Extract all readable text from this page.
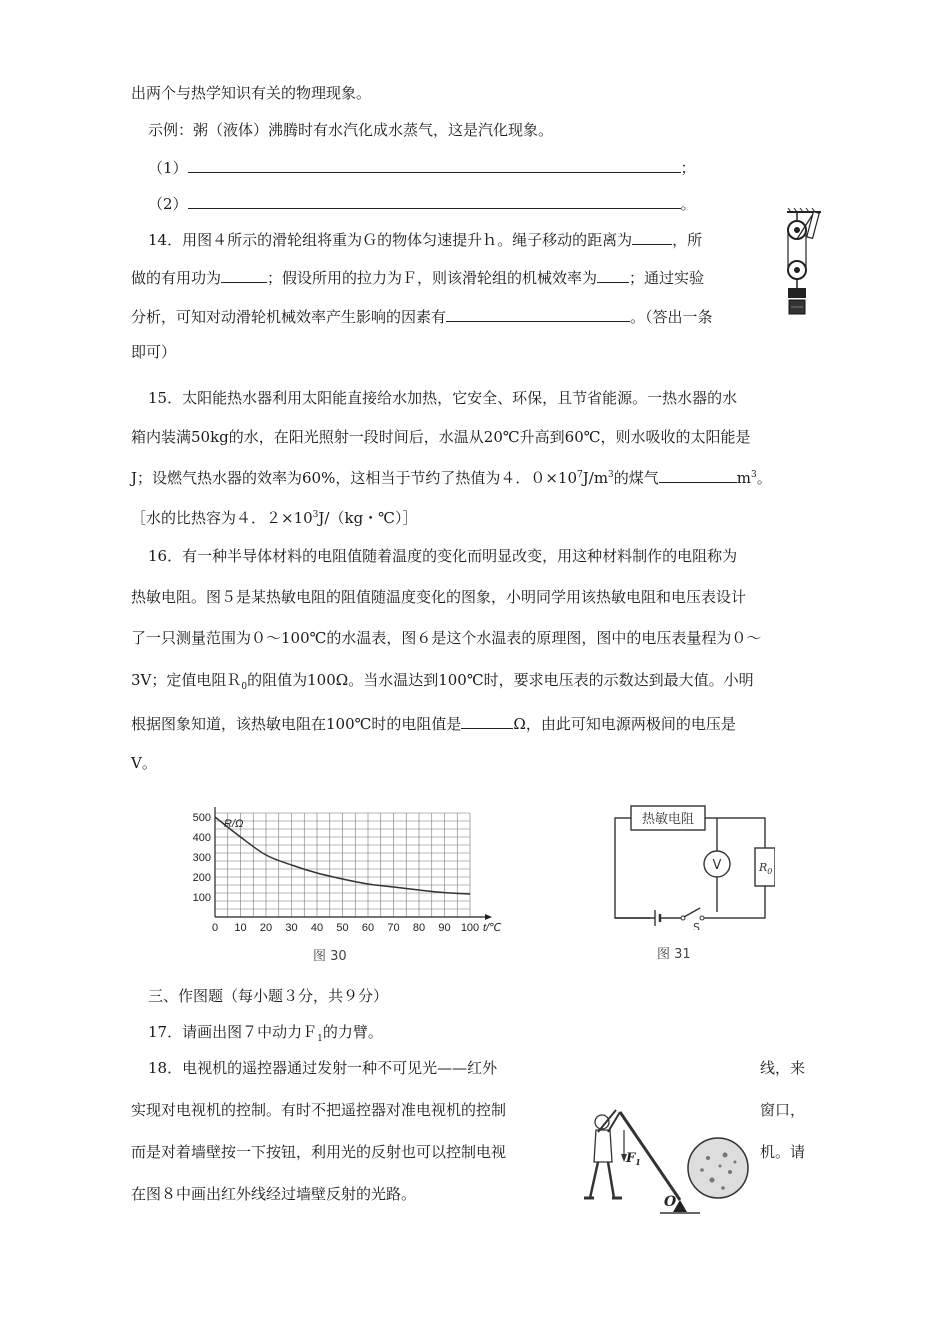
出两个与热学知识有关的物理现象。
示例：粥（液体）沸腾时有水汽化成水蒸气，这是汽化现象。
（1）	；
（2）	。
14．用图４所示的滑轮组将重为Ｇ的物体匀速提升ｈ。绳子移动的距离为	，所
做的有用功为	；假设所用的拉力为Ｆ，则该滑轮组的机械效率为 ；通过实验
分析，可知对动滑轮机械效率产生影响的因素有	。（答出一条
即可）
15．太阳能热水器利用太阳能直接给水加热，它安全、环保，且节省能源。一热水器的水
箱内装满50kg的水，在阳光照射一段时间后，水温从20℃升高到60℃，则水吸收的太阳能是
J；设燃气热水器的效率为60%，这相当于节约了热值为４．$0\times 10^7J/m^3$的煤气	$m^3$。
［水的比热容为４．$2\times 10^3J/(kg$・℃）］
16．有一种半导体材料的电阻值随着温度的变化而明显改变，用这种材料制作的电阻称为
热敏电阻。图５是某热敏电阻的阻值随温度变化的图象，小明同学用该热敏电阻和电压表设计
了一只测量范围为０～100℃的水温表，图６是这个水温表的原理图，图中的电压表量程为０～
3V；定值电阻Ｒ$_0$的阻值为100Ω。当水温达到100℃时，要求电压表的示数达到最大值。小明
根据图象知道，该热敏电阻在100℃时的电阻值是	Ω，由此可知电源两极间的电压是
V。
0 10 20 30 40 50 60 70 80 90 100
100
200
300
400
500 R/Ω
t/℃
图 30
热敏电阻
V	$R_0$
S
图 31
三、作图题（每小题３分，共９分）
17．请画出图７中动力Ｆ$_1$的力臂。
18．电视机的遥控器通过发射一种不可见光——红外	线，来
实现对电视机的控制。有时不把遥控器对准电视机的控制	窗口，
而是对着墙壁按一下按钮，利用光的反射也可以控制电视	机。请
在图８中画出红外线经过墙壁反射的光路。
$F_1$
O
